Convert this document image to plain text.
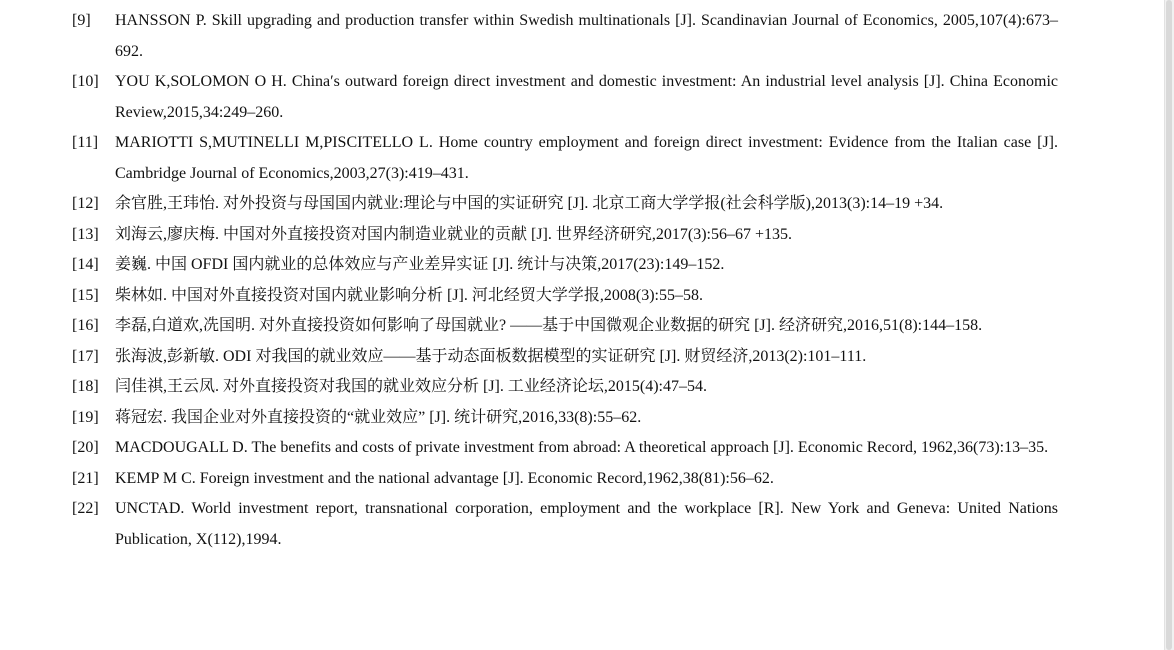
[9] HANSSON P. Skill upgrading and production transfer within Swedish multinationals [J]. Scandinavian Journal of Economics, 2005,107(4):673–692.
[10] YOU K,SOLOMON O H. China′s outward foreign direct investment and domestic investment: An industrial level analysis [J]. China Economic Review,2015,34:249–260.
[11] MARIOTTI S,MUTINELLI M,PISCITELLO L. Home country employment and foreign direct investment: Evidence from the Italian case [J]. Cambridge Journal of Economics,2003,27(3):419–431.
[12] 余官胜,王玮怡. 对外投资与母国国内就业:理论与中国的实证研究 [J]. 北京工商大学学报(社会科学版),2013(3):14–19 +34.
[13] 刘海云,廖庆梅. 中国对外直接投资对国内制造业就业的贡献 [J]. 世界经济研究,2017(3):56–67 +135.
[14] 姜巍. 中国 OFDI 国内就业的总体效应与产业差异实证 [J]. 统计与决策,2017(23):149–152.
[15] 柴林如. 中国对外直接投资对国内就业影响分析 [J]. 河北经贸大学学报,2008(3):55–58.
[16] 李磊,白道欢,冼国明. 对外直接投资如何影响了母国就业? ——基于中国微观企业数据的研究 [J]. 经济研究,2016,51(8):144–158.
[17] 张海波,彭新敏. ODI 对我国的就业效应——基于动态面板数据模型的实证研究 [J]. 财贸经济,2013(2):101–111.
[18] 闫佳祺,王云凤. 对外直接投资对我国的就业效应分析 [J]. 工业经济论坛,2015(4):47–54.
[19] 蒋冠宏. 我国企业对外直接投资的“就业效应” [J]. 统计研究,2016,33(8):55–62.
[20] MACDOUGALL D. The benefits and costs of private investment from abroad: A theoretical approach [J]. Economic Record, 1962,36(73):13–35.
[21] KEMP M C. Foreign investment and the national advantage [J]. Economic Record,1962,38(81):56–62.
[22] UNCTAD. World investment report, transnational corporation, employment and the workplace [R]. New York and Geneva: United Nations Publication, X(112),1994.
